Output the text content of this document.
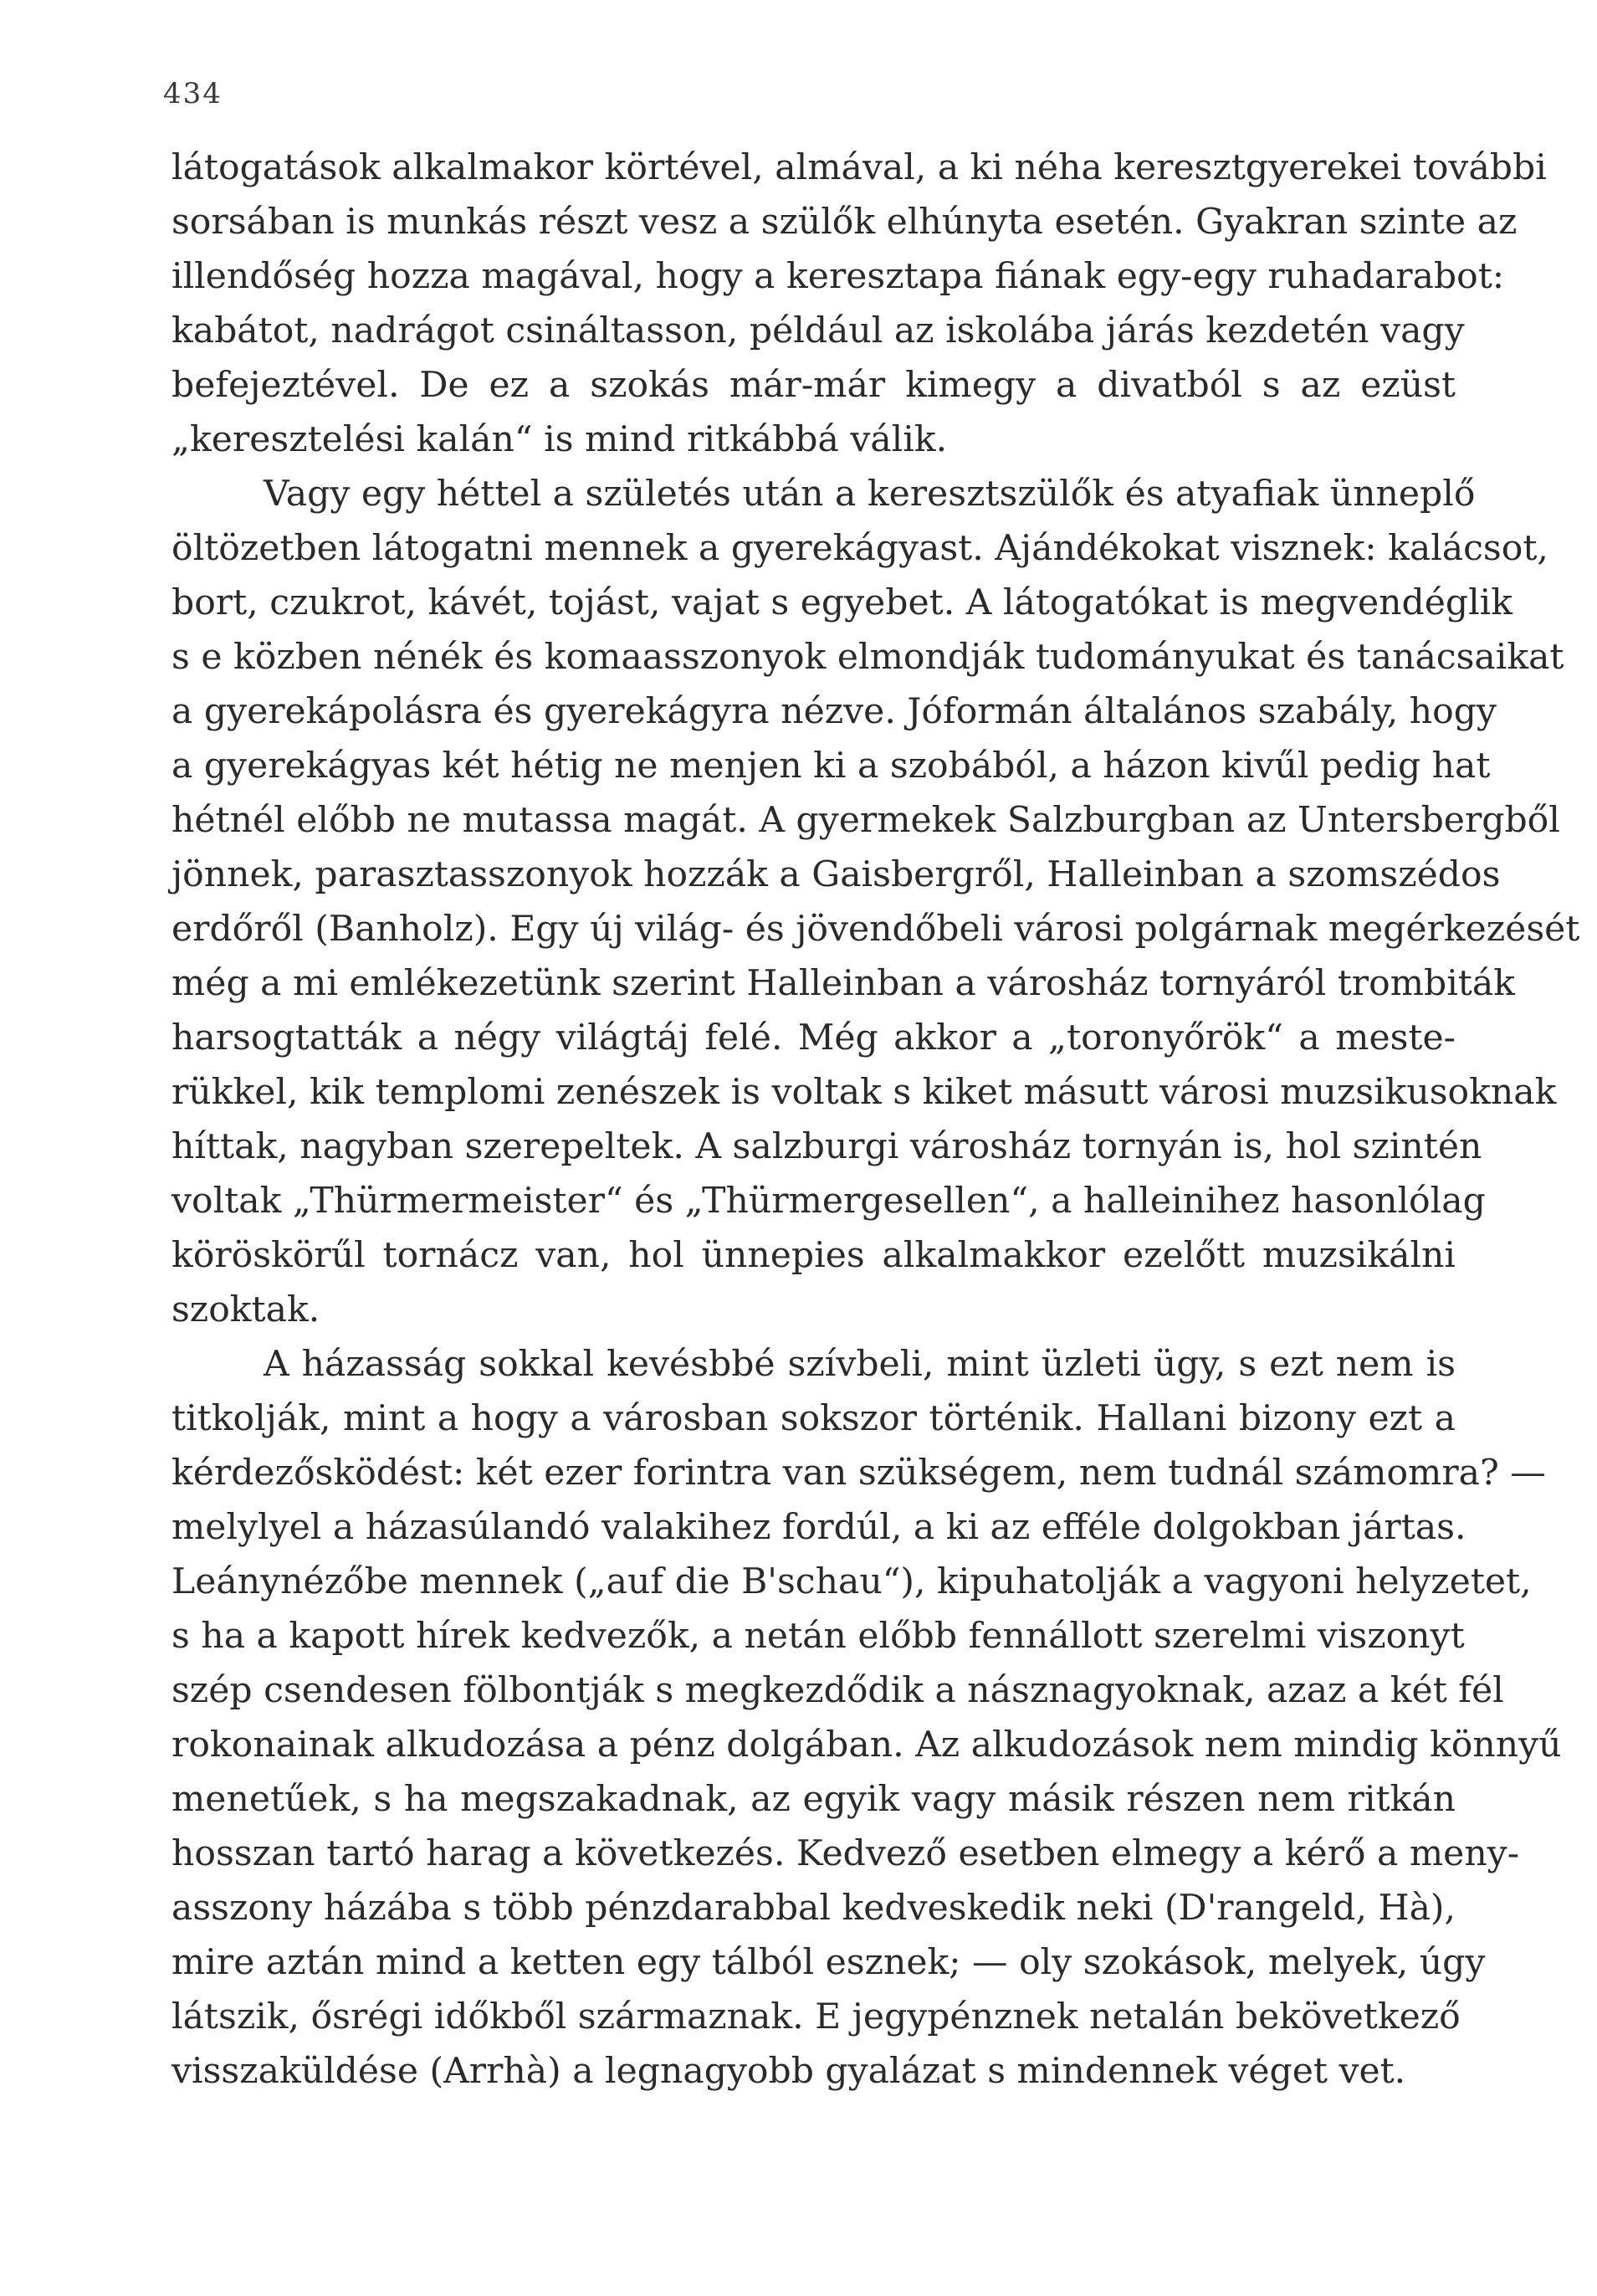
434
látogatások alkalmakor körtével, almával, a ki néha keresztgyerekei további
sorsában is munkás részt vesz a szülők elhúnyta esetén. Gyakran szinte az
illendőség hozza magával, hogy a keresztapa fiának egy-egy ruhadarabot:
kabátot, nadrágot csináltasson, például az iskolába járás kezdetén vagy
befejeztével. De ez a szokás már-már kimegy a divatból s az ezüst
„keresztelési kalán“ is mind ritkábbá válik.
Vagy egy héttel a születés után a keresztszülők és atyafiak ünneplő
öltözetben látogatni mennek a gyerekágyast. Ajándékokat visznek: kalácsot,
bort, czukrot, kávét, tojást, vajat s egyebet. A látogatókat is megvendéglik
s e közben nénék és komaasszonyok elmondják tudományukat és tanácsaikat
a gyerekápolásra és gyerekágyra nézve. Jóformán általános szabály, hogy
a gyerekágyas két hétig ne menjen ki a szobából, a házon kivűl pedig hat
hétnél előbb ne mutassa magát. A gyermekek Salzburgban az Untersbergből
jönnek, parasztasszonyok hozzák a Gaisbergről, Halleinban a szomszédos
erdőről (Banholz). Egy új világ- és jövendőbeli városi polgárnak megérkezését
még a mi emlékezetünk szerint Halleinban a városház tornyáról trombiták
harsogtatták a négy világtáj felé. Még akkor a „toronyőrök“ a meste-
rükkel, kik templomi zenészek is voltak s kiket másutt városi muzsikusoknak
híttak, nagyban szerepeltek. A salzburgi városház tornyán is, hol szintén
voltak „Thürmermeister“ és „Thürmergesellen“, a halleinihez hasonlólag
köröskörűl tornácz van, hol ünnepies alkalmakkor ezelőtt muzsikálni
szoktak.
A házasság sokkal kevésbbé szívbeli, mint üzleti ügy, s ezt nem is
titkolják, mint a hogy a városban sokszor történik. Hallani bizony ezt a
kérdezősködést: két ezer forintra van szükségem, nem tudnál számomra? —
melylyel a házasúlandó valakihez fordúl, a ki az efféle dolgokban jártas.
Leánynézőbe mennek („auf die B'schau“), kipuhatolják a vagyoni helyzetet,
s ha a kapott hírek kedvezők, a netán előbb fennállott szerelmi viszonyt
szép csendesen fölbontják s megkezdődik a násznagyoknak, azaz a két fél
rokonainak alkudozása a pénz dolgában. Az alkudozások nem mindig könnyű
menetűek, s ha megszakadnak, az egyik vagy másik részen nem ritkán
hosszan tartó harag a következés. Kedvező esetben elmegy a kérő a meny-
asszony házába s több pénzdarabbal kedveskedik neki (D'rangeld, Hà),
mire aztán mind a ketten egy tálból esznek; — oly szokások, melyek, úgy
látszik, ősrégi időkből származnak. E jegypénznek netalán bekövetkező
visszaküldése (Arrhà) a legnagyobb gyalázat s mindennek véget vet.
